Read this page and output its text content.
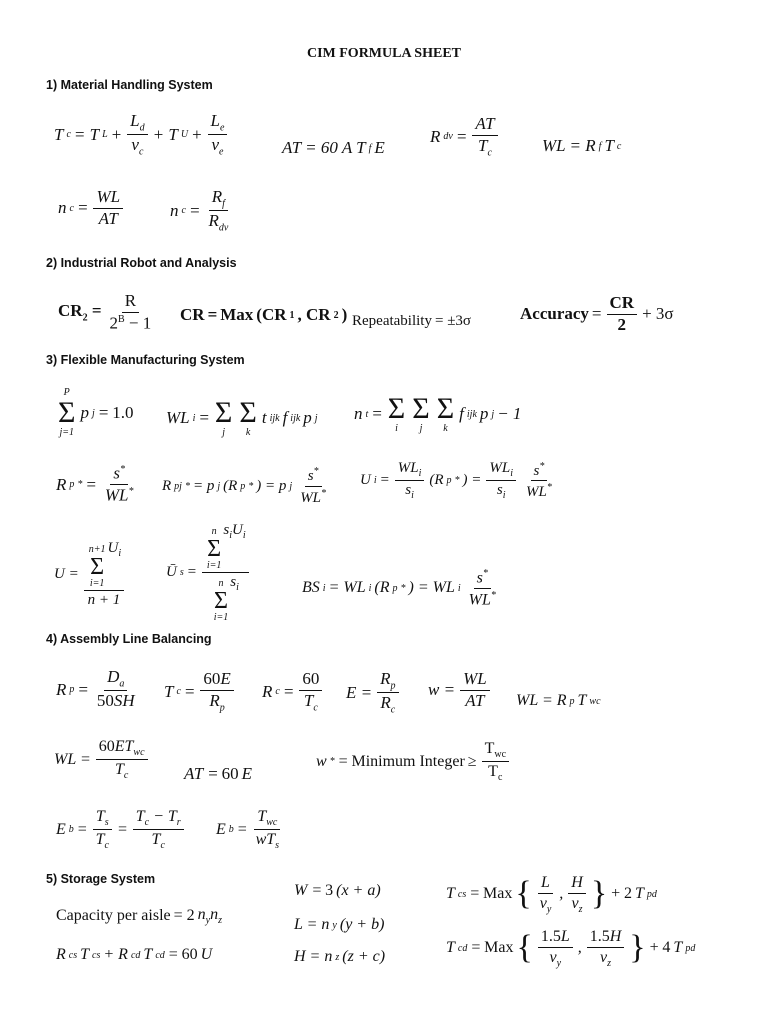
CIM FORMULA SHEET
1) Material Handling System
T c = T $L + \frac{L_d}{v_c} + T$ $U + \frac{L_e}{v_e}$	AT = 60 A T f E
R dv = $\frac{AT}{T_c}$	WL = R f T c
n $c = \frac{WL}{AT}$	n $c = \frac{R_f}{R_{dv}}$
2) Industrial Robot and Analysis
$CR_2 = \frac{R}{2^B - 1}$ CR = Max (CR 1 , CR 2 ) Repeatability = ±3σ	Accuracy = $\frac{CR}{2} + 3\sigma$
3) Flexible Manufacturing System
P
Σ
j=1
p j = 1.0 WL i = Σ
j
Σ
k
t ijk f ijk p j n t = Σ
i
Σ
j
Σ
k
f ijk p j − 1
R p * = $\frac{s^*}{WL^*}$ R pj * = p j (R p * ) = p j $\frac{s^*}{WL^*}$ U $i = \frac{WL_i}{s_i} (R$ p * ) = $\frac{WL_i}{s_i} \frac{s^*}{WL^*}$
U = n+1
Σ
i=1
$U_i$
n + 1	Ū s = n
Σ
i=1
$s_iU_i$
n
Σ
i=1
$s_i$	BS i = WL i (R p * ) = WL i $\frac{s^*}{WL^*}$
4) Assembly Line Balancing
R $p = \frac{D_a}{50SH}$ T $c = \frac{60E}{R_p}$ R $c = \frac{60}{T_c}$ $E = \frac{R_p}{R_c}$ $w = \frac{WL}{AT}$ WL = R p T wc
WL = $\frac{60ET_{wc}}{T_c}$ AT = 60 E
w * = Minimum Integer ≥ $\frac{T_{wc}}{T_c}$
E $b = \frac{T_s}{T_c} = \frac{T_c - T_r}{T_c}$ E $b = \frac{T_{wc}}{wT_s}$
5) Storage System
Capacity per aisle = 2 $n_yn_z$
R cs T cs + R cd T cd = 60 U
W = 3 (x + a)
L = n y (y + b)
H = n z (z + c)
T cs = Max { $\frac{L}{v_y}$ , $\frac{H}{v_z}$ } + 2 T pd
T cd = Max { $\frac{1.5L}{v_y}$ , $\frac{1.5H}{v_z}$ } + 4 T pd
